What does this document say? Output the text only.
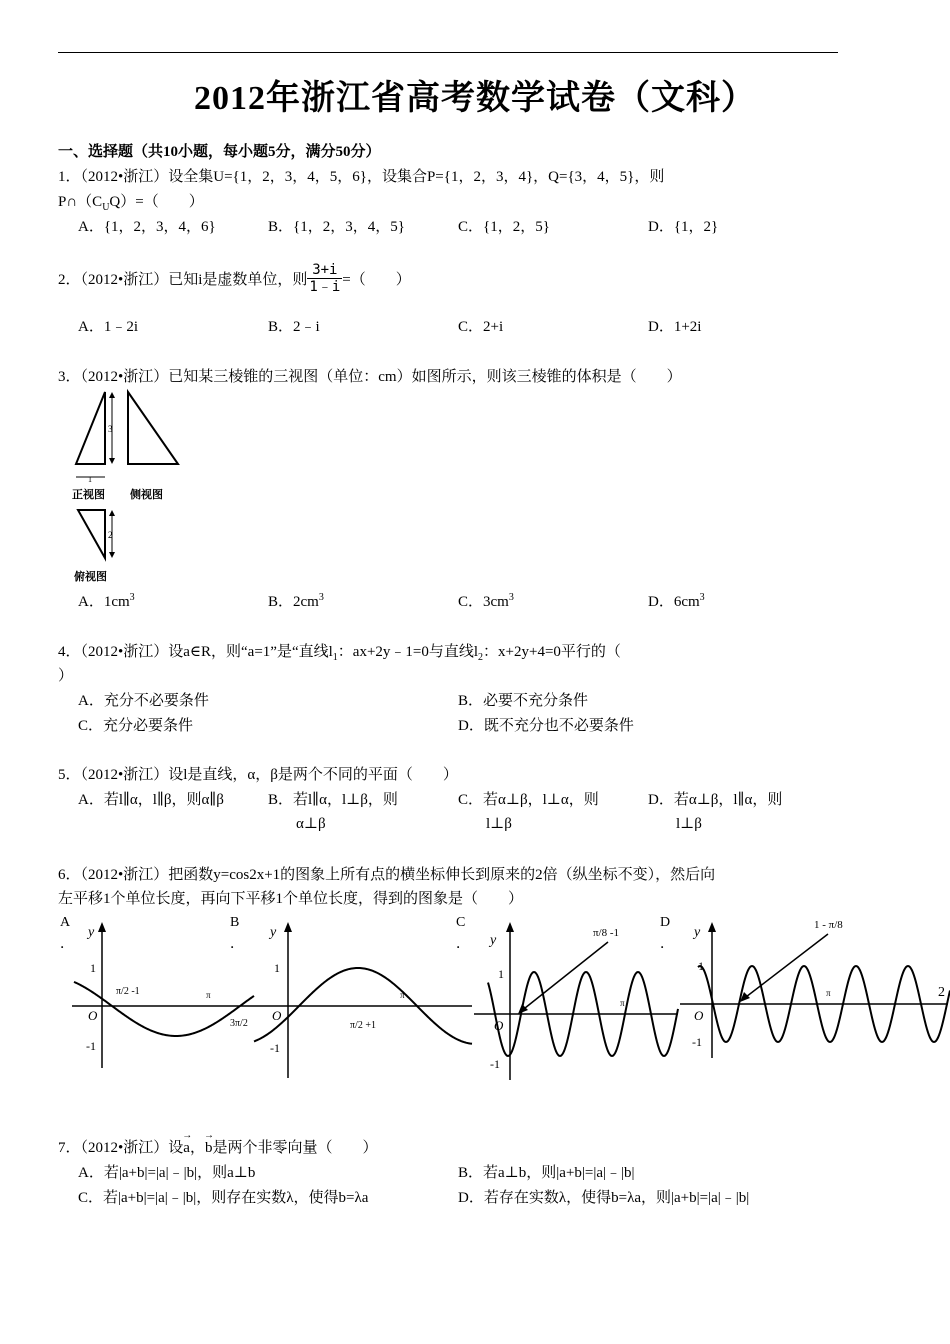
2012年浙江省高考数学试卷（文科）
一、选择题（共10小题，每小题5分，满分50分）
1．（2012•浙江）设全集U={1，2，3，4，5，6}，设集合P={1，2，3，4}，Q={3，4，5}，则
$P\cap(C_UQ)=$（　　）
A．{1，2，3，4，6}	B．{1，2，3，4，5}	C．{1，2，5}	D．{1，2}
2．（2012•浙江）已知i是虚数单位，则 $\frac{3+i}{1﹣i}$ =（　　）
A．1﹣2i	B．2﹣i	C．2+i	D．1+2i
3．（2012•浙江）已知某三棱锥的三视图（单位：cm）如图所示，则该三棱锥的体积是（　　）
3
1
正视图 侧视图
2
俯视图
A．$1cm^3$	B．$2cm^3$	C．$3cm^3$	D．$6cm^3$
4．（2012•浙江）设a∈R，则“a=1”是“直线$l_1$：ax+2y﹣1=0与直线$l_2$：x+2y+4=0平行的（
）
A．充分不必要条件	B．必要不充分条件
C．充分必要条件	D．既不充分也不必要条件
5．（2012•浙江）设l是直线，α，β是两个不同的平面（　　）
A．若l∥α，l∥β，则α∥β	B．若l∥α，l⊥β，则
α⊥β
C．若α⊥β，l⊥α，则
l⊥β
D．若α⊥β，l∥α，则
l⊥β
6．（2012•浙江）把函数y=cos2x+1的图象上所有点的横坐标伸长到原来的2倍（纵坐标不变），然后向
左平移1个单位长度，再向下平移1个单位长度，得到的图象是（　　）
A
．
y
O
1
-1
π/2 -1	π
3π/2
B
．
y
O
1
-1
π/2 +1
π
C
． y
O
1
-1
π/8 -1
π
D
．
y
O
1
-1
1 - π/8
π	2
7．（2012•浙江）设→ a，→ b是两个非零向量（　　）
A．若|a+b|=|a|﹣|b|，则a⊥b	B．若a⊥b，则|a+b|=|a|﹣|b|
C．若|a+b|=|a|﹣|b|，则存在实数λ，使得b=λa	D．若存在实数λ，使得b=λa，则|a+b|=|a|﹣|b|
